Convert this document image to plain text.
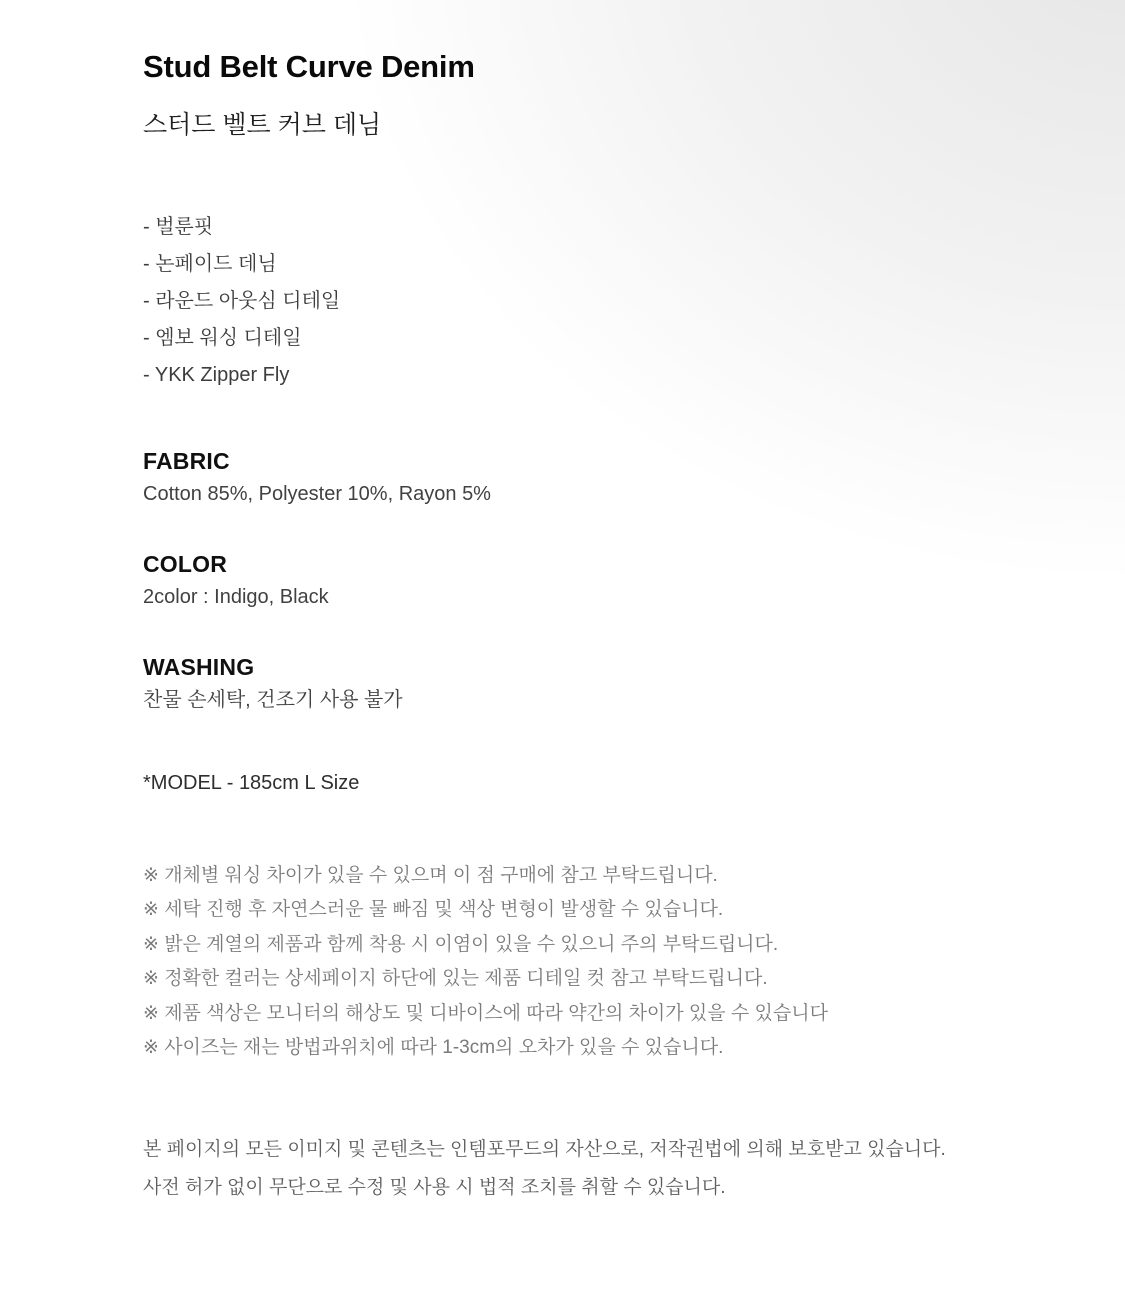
Stud Belt Curve Denim
스터드 벨트 커브 데님
- 벌룬핏
- 논페이드 데님
- 라운드 아웃심 디테일
- 엠보 워싱 디테일
- YKK Zipper Fly
FABRIC

Cotton 85%, Polyester 10%, Rayon 5%

COLOR

2color : Indigo, Black

WASHING

찬물 손세탁, 건조기 사용 불가

*MODEL - 185cm L Size

※ 개체별 워싱 차이가 있을 수 있으며 이 점 구매에 참고 부탁드립니다.
※ 세탁 진행 후 자연스러운 물 빠짐 및 색상 변형이 발생할 수 있습니다.
※ 밝은 계열의 제품과 함께 착용 시 이염이 있을 수 있으니 주의 부탁드립니다.
※ 정확한 컬러는 상세페이지 하단에 있는 제품 디테일 컷 참고 부탁드립니다.
※ 제품 색상은 모니터의 해상도 및 디바이스에 따라 약간의 차이가 있을 수 있습니다
※ 사이즈는 재는 방법과위치에 따라 1-3cm의 오차가 있을 수 있습니다.

본 페이지의 모든 이미지 및 콘텐츠는 인템포무드의 자산으로, 저작권법에 의해 보호받고 있습니다.

사전 허가 없이 무단으로 수정 및 사용 시 법적 조치를 취할 수 있습니다.
